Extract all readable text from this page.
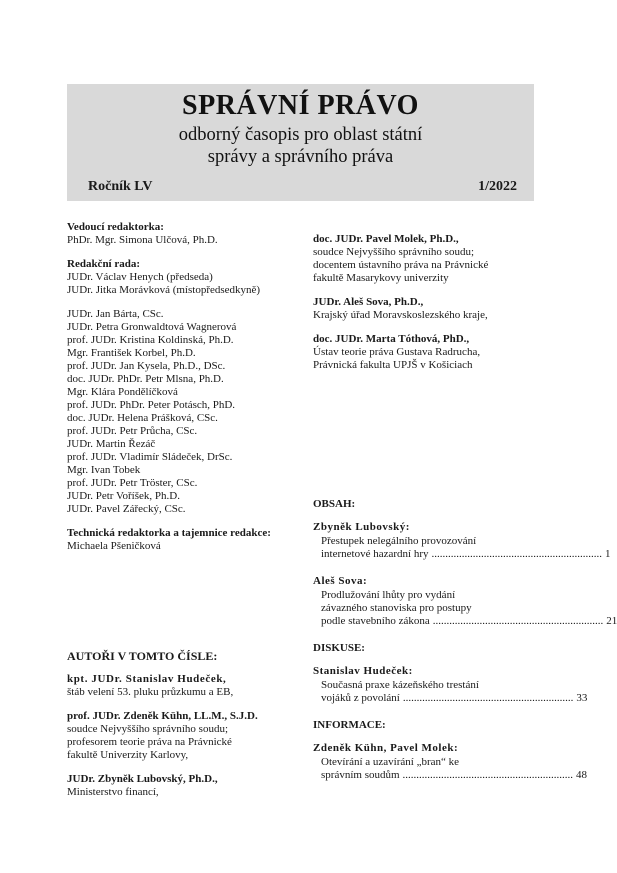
SPRÁVNÍ PRÁVO
odborný časopis pro oblast státní
správy a správního práva
Ročník LV	1/2022
Vedoucí redaktorka:
PhDr. Mgr. Simona Ulčová, Ph.D.
Redakční rada:
JUDr. Václav Henych (předseda)
JUDr. Jitka Morávková (místopředsedkyně)
JUDr. Jan Bárta, CSc.
JUDr. Petra Gronwaldtová Wagnerová
prof. JUDr. Kristina Koldinská, Ph.D.
Mgr. František Korbel, Ph.D.
prof. JUDr. Jan Kysela, Ph.D., DSc.
doc. JUDr. PhDr. Petr Mlsna, Ph.D.
Mgr. Klára Pondělíčková
prof. JUDr. PhDr. Peter Potásch, PhD.
doc. JUDr. Helena Prášková, CSc.
prof. JUDr. Petr Průcha, CSc.
JUDr. Martin Řezáč
prof. JUDr. Vladimír Sládeček, DrSc.
Mgr. Ivan Tobek
prof. JUDr. Petr Tröster, CSc.
JUDr. Petr Voříšek, Ph.D.
JUDr. Pavel Zářecký, CSc.
Technická redaktorka a tajemnice redakce:
Michaela Pšeničková
AUTOŘI V TOMTO ČÍSLE:
kpt. JUDr. Stanislav Hudeček,
štáb velení 53. pluku průzkumu a EB,
prof. JUDr. Zdeněk Kühn, LL.M., S.J.D.
soudce Nejvyššího správního soudu;
profesorem teorie práva na Právnické
fakultě Univerzity Karlovy,
JUDr. Zbyněk Lubovský, Ph.D.,
Ministerstvo financí,
doc. JUDr. Pavel Molek, Ph.D.,
soudce Nejvyššího správního soudu;
docentem ústavního práva na Právnické
fakultě Masarykovy univerzity
JUDr. Aleš Sova, Ph.D.,
Krajský úřad Moravskoslezského kraje,
doc. JUDr. Marta Tóthová, PhD.,
Ústav teorie práva Gustava Radrucha,
Právnická fakulta UPJŠ v Košiciach
OBSAH:
Zbyněk Lubovský:
Přestupek nelegálního provozování
internetové hazardní hry .............................................................. 1
Aleš Sova:
Prodlužování lhůty pro vydání
závazného stanoviska pro postupy
podle stavebního zákona .............................................................. 21
DISKUSE:
Stanislav Hudeček:
Současná praxe kázeňského trestání
vojáků z povolání .............................................................. 33
INFORMACE:
Zdeněk Kühn, Pavel Molek:
Otevírání a uzavírání „bran“ ke
správním soudům .............................................................. 48
